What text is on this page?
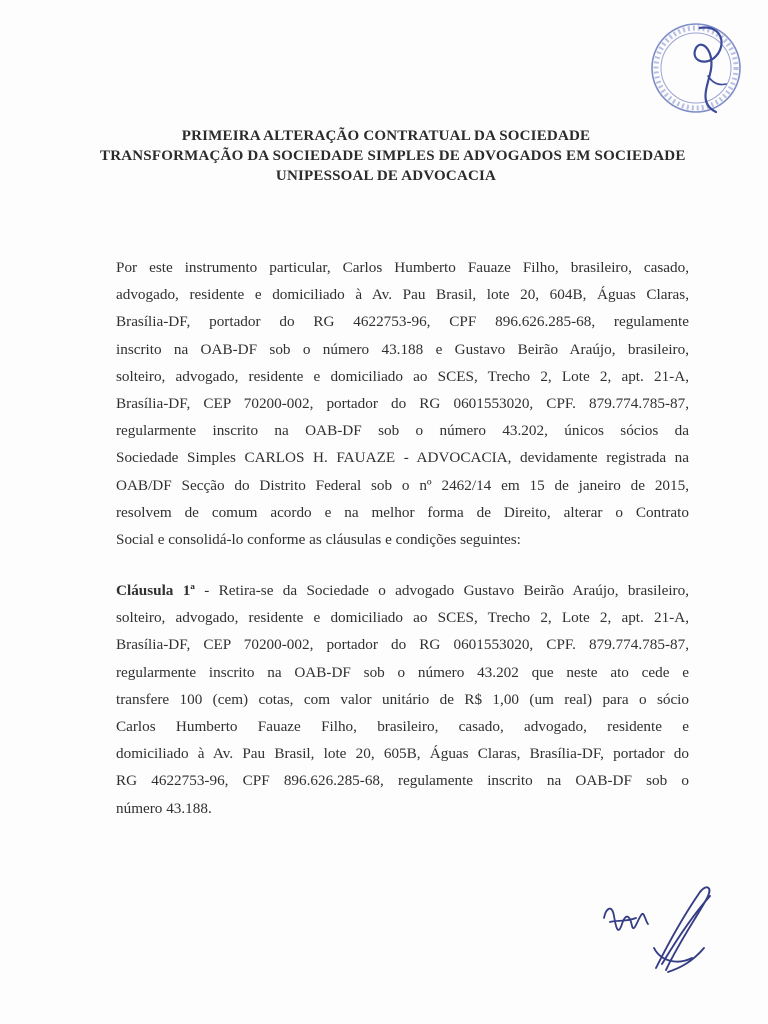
PRIMEIRA ALTERAÇÃO CONTRATUAL DA SOCIEDADE
TRANSFORMAÇÃO DA SOCIEDADE SIMPLES DE ADVOGADOS EM SOCIEDADE
UNIPESSOAL DE ADVOCACIA
Por este instrumento particular, Carlos Humberto Fauaze Filho, brasileiro, casado,
advogado, residente e domiciliado à Av. Pau Brasil, lote 20, 604B, Águas Claras,
Brasília-DF, portador do RG 4622753-96, CPF 896.626.285-68, regulamente
inscrito na OAB-DF sob o número 43.188 e Gustavo Beirão Araújo, brasileiro,
solteiro, advogado, residente e domiciliado ao SCES, Trecho 2, Lote 2, apt. 21-A,
Brasília-DF, CEP 70200-002, portador do RG 0601553020, CPF. 879.774.785-87,
regularmente inscrito na OAB-DF sob o número 43.202, únicos sócios da
Sociedade Simples CARLOS H. FAUAZE - ADVOCACIA, devidamente registrada na
OAB/DF Secção do Distrito Federal sob o nº 2462/14 em 15 de janeiro de 2015,
resolvem de comum acordo e na melhor forma de Direito, alterar o Contrato
Social e consolidá-lo conforme as cláusulas e condições seguintes:
Cláusula 1ª - Retira-se da Sociedade o advogado Gustavo Beirão Araújo, brasileiro,
solteiro, advogado, residente e domiciliado ao SCES, Trecho 2, Lote 2, apt. 21-A,
Brasília-DF, CEP 70200-002, portador do RG 0601553020, CPF. 879.774.785-87,
regularmente inscrito na OAB-DF sob o número 43.202 que neste ato cede e
transfere 100 (cem) cotas, com valor unitário de R$ 1,00 (um real) para o sócio
Carlos Humberto Fauaze Filho, brasileiro, casado, advogado, residente e
domiciliado à Av. Pau Brasil, lote 20, 605B, Águas Claras, Brasília-DF, portador do
RG 4622753-96, CPF 896.626.285-68, regulamente inscrito na OAB-DF sob o
número 43.188.
